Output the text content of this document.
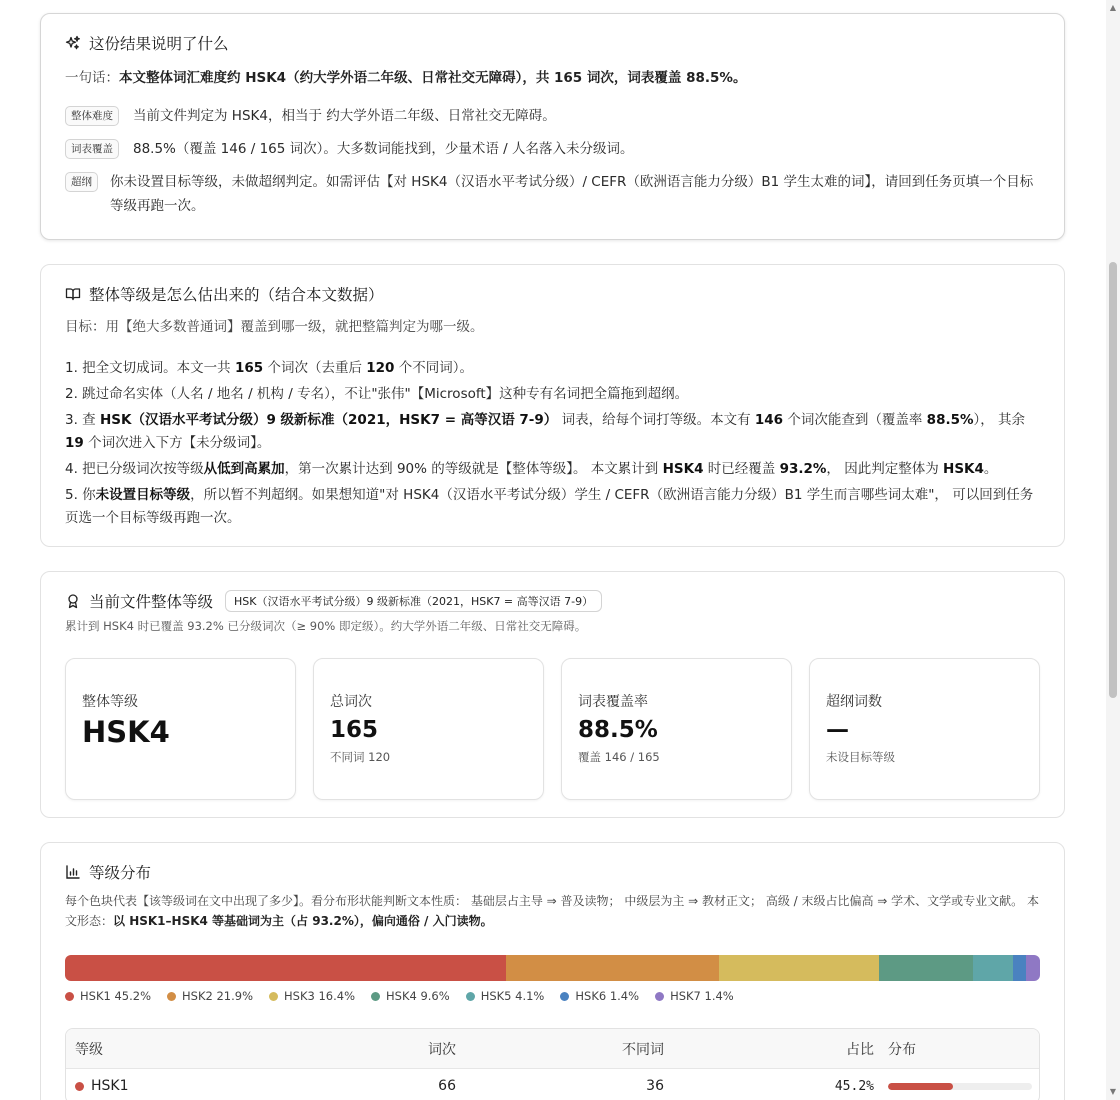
这份结果说明了什么
一句话：本文整体词汇难度约 HSK4（约大学外语二年级、日常社交无障碍），共 165 词次，词表覆盖 88.5%。
整体难度	当前文件判定为 HSK4，相当于 约大学外语二年级、日常社交无障碍。
词表覆盖	88.5%（覆盖 146 / 165 词次）。大多数词能找到，少量术语 / 人名落入未分级词。
超纲	你未设置目标等级，未做超纲判定。如需评估【对 HSK4（汉语水平考试分级）/ CEFR（欧洲语言能力分级）B1 学生太难的词】，请回到任务页填一个目标等级再跑一次。
整体等级是怎么估出来的（结合本文数据）
目标：用【绝大多数普通词】覆盖到哪一级，就把整篇判定为哪一级。

1. 把全文切成词。本文一共 165 个词次（去重后 120 个不同词）。

2. 跳过命名实体（人名 / 地名 / 机构 / 专名），不让"张伟"【Microsoft】这种专有名词把全篇拖到超纲。

3. 查 HSK（汉语水平考试分级）9 级新标准（2021，HSK7 = 高等汉语 7-9） 词表，给每个词打等级。本文有 146 个词次能查到（覆盖率 88.5%）， 其余 19 个词次进入下方【未分级词】。

4. 把已分级词次按等级从低到高累加，第一次累计达到 90% 的等级就是【整体等级】。 本文累计到 HSK4 时已经覆盖 93.2%， 因此判定整体为 HSK4。

5. 你未设置目标等级，所以暂不判超纲。如果想知道"对 HSK4（汉语水平考试分级）学生 / CEFR（欧洲语言能力分级）B1 学生而言哪些词太难"， 可以回到任务页选一个目标等级再跑一次。

当前文件整体等级	HSK（汉语水平考试分级）9 级新标准（2021，HSK7 = 高等汉语 7-9）
累计到 HSK4 时已覆盖 93.2% 已分级词次（≥ 90% 即定级）。约大学外语二年级、日常社交无障碍。
整体等级
HSK4
总词次
165
不同词 120
词表覆盖率
88.5%
覆盖 146 / 165
超纲词数
—
未设目标等级
等级分布
每个色块代表【该等级词在文中出现了多少】。看分布形状能判断文本性质： 基础层占主导 ⇒ 普及读物； 中级层为主 ⇒ 教材正文； 高级 / 末级占比偏高 ⇒ 学术、文学或专业文献。 本文形态：以 HSK1–HSK4 等基础词为主（占 93.2%），偏向通俗 / 入门读物。
HSK1 45.2%	HSK2 21.9%	HSK3 16.4%	HSK4 9.6%	HSK5 4.1%	HSK6 1.4%	HSK7 1.4%
等级	词次	不同词	占比	分布
HSK1	66	36	45.2%
▲
▼
